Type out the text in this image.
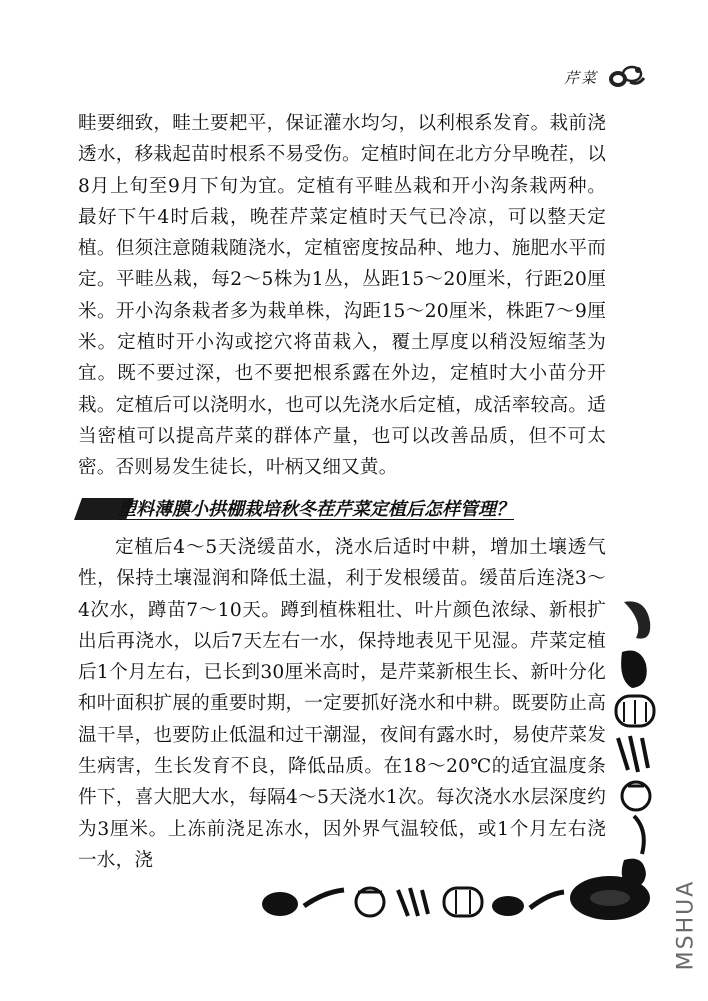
芹菜

畦要细致，畦土要耙平，保证灌水均匀，以利根系发育。栽前浇透水，移栽起苗时根系不易受伤。定植时间在北方分早晚茬，以8月上旬至9月下旬为宜。定植有平畦丛栽和开小沟条栽两种。最好下午4时后栽，晚茬芹菜定植时天气已冷凉，可以整天定植。但须注意随栽随浇水，定植密度按品种、地力、施肥水平而定。平畦丛栽，每2～5株为1丛，丛距15～20厘米，行距20厘米。开小沟条栽者多为栽单株，沟距15～20厘米，株距7～9厘米。定植时开小沟或挖穴将苗栽入，覆土厚度以稍没短缩茎为宜。既不要过深，也不要把根系露在外边，定植时大小苗分开栽。定植后可以浇明水，也可以先浇水后定植，成活率较高。适当密植可以提高芹菜的群体产量，也可以改善品质，但不可太密。否则易发生徒长，叶柄又细又黄。

塑料薄膜小拱棚栽培秋冬茬芹菜定植后怎样管理？

定植后4～5天浇缓苗水，浇水后适时中耕，增加土壤透气性，保持土壤湿润和降低土温，利于发根缓苗。缓苗后连浇3～4次水，蹲苗7～10天。蹲到植株粗壮、叶片颜色浓绿、新根扩出后再浇水，以后7天左右一水，保持地表见干见湿。芹菜定植后1个月左右，已长到30厘米高时，是芹菜新根生长、新叶分化和叶面积扩展的重要时期，一定要抓好浇水和中耕。既要防止高温干旱，也要防止低温和过干潮湿，夜间有露水时，易使芹菜发生病害，生长发育不良，降低品质。在18～20℃的适宜温度条件下，喜大肥大水，每隔4～5天浇水1次。每次浇水水层深度约为3厘米。上冻前浇足冻水，因外界气温较低，或1个月左右浇一水，浇

MSHUA
